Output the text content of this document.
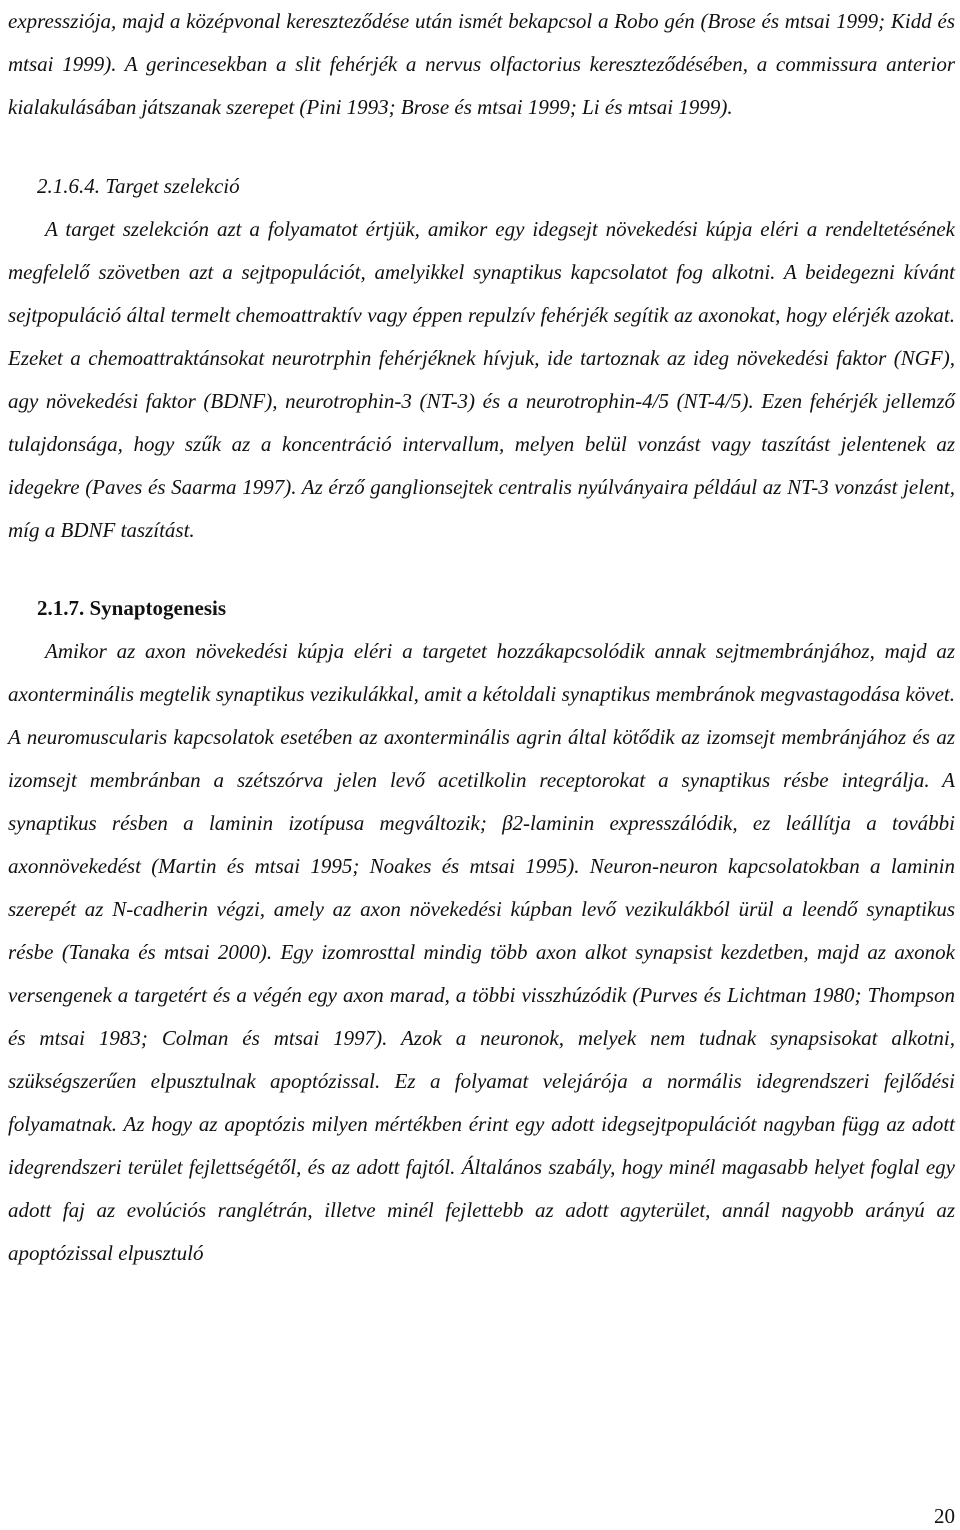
expressziója, majd a középvonal kereszteződése után ismét bekapcsol a Robo gén (Brose és mtsai 1999; Kidd és mtsai 1999). A gerincesekban a slit fehérjék a nervus olfactorius kereszteződésében, a commissura anterior kialakulásában játszanak szerepet (Pini 1993; Brose és mtsai 1999; Li és mtsai 1999).

2.1.6.4. Target szelekció

A target szelekción azt a folyamatot értjük, amikor egy idegsejt növekedési kúpja eléri a rendeltetésének megfelelő szövetben azt a sejtpopulációt, amelyikkel synaptikus kapcsolatot fog alkotni. A beidegezni kívánt sejtpopuláció által termelt chemoattraktív vagy éppen repulzív fehérjék segítik az axonokat, hogy elérjék azokat. Ezeket a chemoattraktánsokat neurotrphin fehérjéknek hívjuk, ide tartoznak az ideg növekedési faktor (NGF), agy növekedési faktor (BDNF), neurotrophin-3 (NT-3) és a neurotrophin-4/5 (NT-4/5). Ezen fehérjék jellemző tulajdonsága, hogy szűk az a koncentráció intervallum, melyen belül vonzást vagy taszítást jelentenek az idegekre (Paves és Saarma 1997). Az érző ganglionsejtek centralis nyúlványaira például az NT-3 vonzást jelent, míg a BDNF taszítást.

2.1.7. Synaptogenesis

Amikor az axon növekedési kúpja eléri a targetet hozzákapcsolódik annak sejtmembránjához, majd az axonterminális megtelik synaptikus vezikulákkal, amit a kétoldali synaptikus membránok megvastagodása követ. A neuromuscularis kapcsolatok esetében az axonterminális agrin által kötődik az izomsejt membránjához és az izomsejt membránban a szétszórva jelen levő acetilkolin receptorokat a synaptikus résbe integrálja. A synaptikus résben a laminin izotípusa megváltozik; β2-laminin expresszálódik, ez leállítja a további axonnövekedést (Martin és mtsai 1995; Noakes és mtsai 1995). Neuron-neuron kapcsolatokban a laminin szerepét az N-cadherin végzi, amely az axon növekedési kúpban levő vezikulákból ürül a leendő synaptikus résbe (Tanaka és mtsai 2000). Egy izomrosttal mindig több axon alkot synapsist kezdetben, majd az axonok versengenek a targetért és a végén egy axon marad, a többi visszhúzódik (Purves és Lichtman 1980; Thompson és mtsai 1983; Colman és mtsai 1997). Azok a neuronok, melyek nem tudnak synapsisokat alkotni, szükségszerűen elpusztulnak apoptózissal. Ez a folyamat velejárója a normális idegrendszeri fejlődési folyamatnak. Az hogy az apoptózis milyen mértékben érint egy adott idegsejtpopulációt nagyban függ az adott idegrendszeri terület fejlettségétől, és az adott fajtól. Általános szabály, hogy minél magasabb helyet foglal egy adott faj az evolúciós ranglétrán, illetve minél fejlettebb az adott agyterület, annál nagyobb arányú az apoptózissal elpusztuló

20
